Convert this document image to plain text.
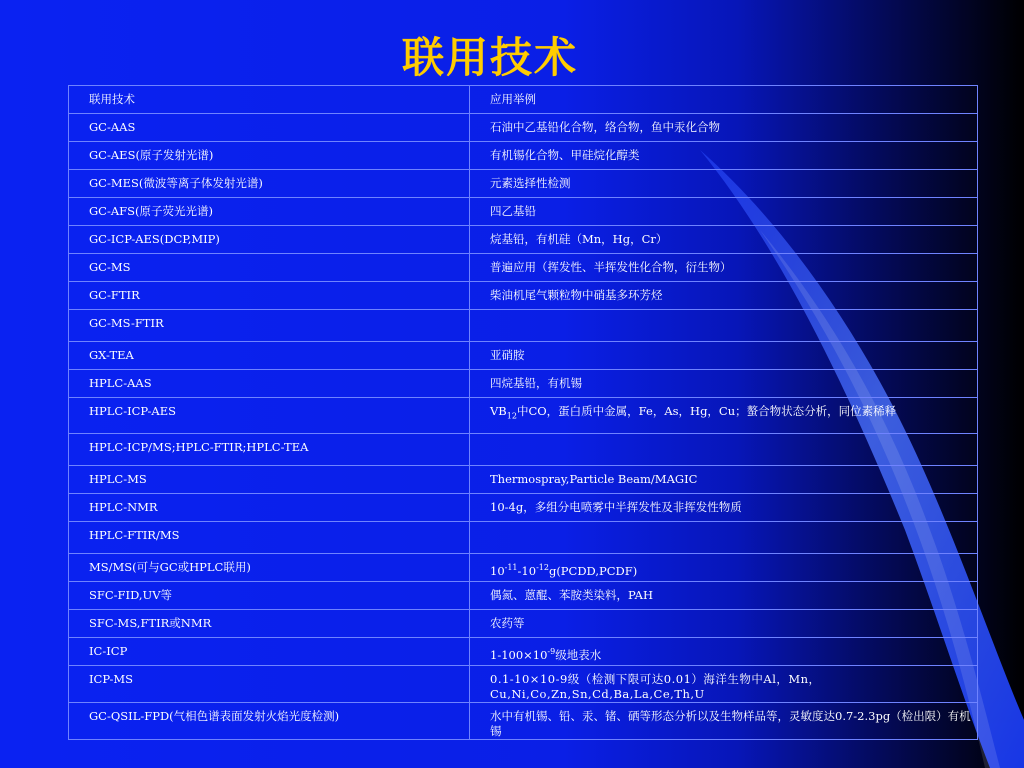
联用技术
联用技术	应用举例
GC-AAS	石油中乙基铅化合物，络合物，鱼中汞化合物
GC-AES(原子发射光谱)	有机锡化合物、甲硅烷化醇类
GC-MES(微波等离子体发射光谱)	元素选择性检测
GC-AFS(原子荧光光谱)	四乙基铅
GC-ICP-AES(DCP,MIP)	烷基铅，有机硅（Mn，Hg，Cr）
GC-MS	普遍应用（挥发性、半挥发性化合物，衍生物）
GC-FTIR	柴油机尾气颗粒物中硝基多环芳烃
GC-MS-FTIR	
GX-TEA	亚硝胺
HPLC-AAS	四烷基铅，有机锡
HPLC-ICP-AES	$VB_{12}$中CO，蛋白质中金属，Fe，As，Hg，Cu；螯合物状态分析，同位素稀释
HPLC-ICP/MS;HPLC-FTIR;HPLC-TEA	
HPLC-MS	Thermospray,Particle Beam/MAGIC
HPLC-NMR	10-4g，多组分电喷雾中半挥发性及非挥发性物质
HPLC-FTIR/MS	
MS/MS(可与GC或HPLC联用)	$10^{-11}-10^{-12}g(PCDD,PCDF)$
SFC-FID,UV等	偶氮、蒽醌、苯胺类染料，PAH
SFC-MS,FTIR或NMR	农药等
IC-ICP	$1-100\times 10^{-9}$级地表水
ICP-MS	0.1-10×10-9级（检测下限可达0.01）海洋生物中Al，Mn，Cu,Ni,Co,Zn,Sn,Cd,Ba,La,Ce,Th,U
GC-QSIL-FPD(气相色谱表面发射火焰光度检测)	水中有机锡、铅、汞、锗、硒等形态分析以及生物样品等，灵敏度达0.7-2.3pg（检出限）有机锡
